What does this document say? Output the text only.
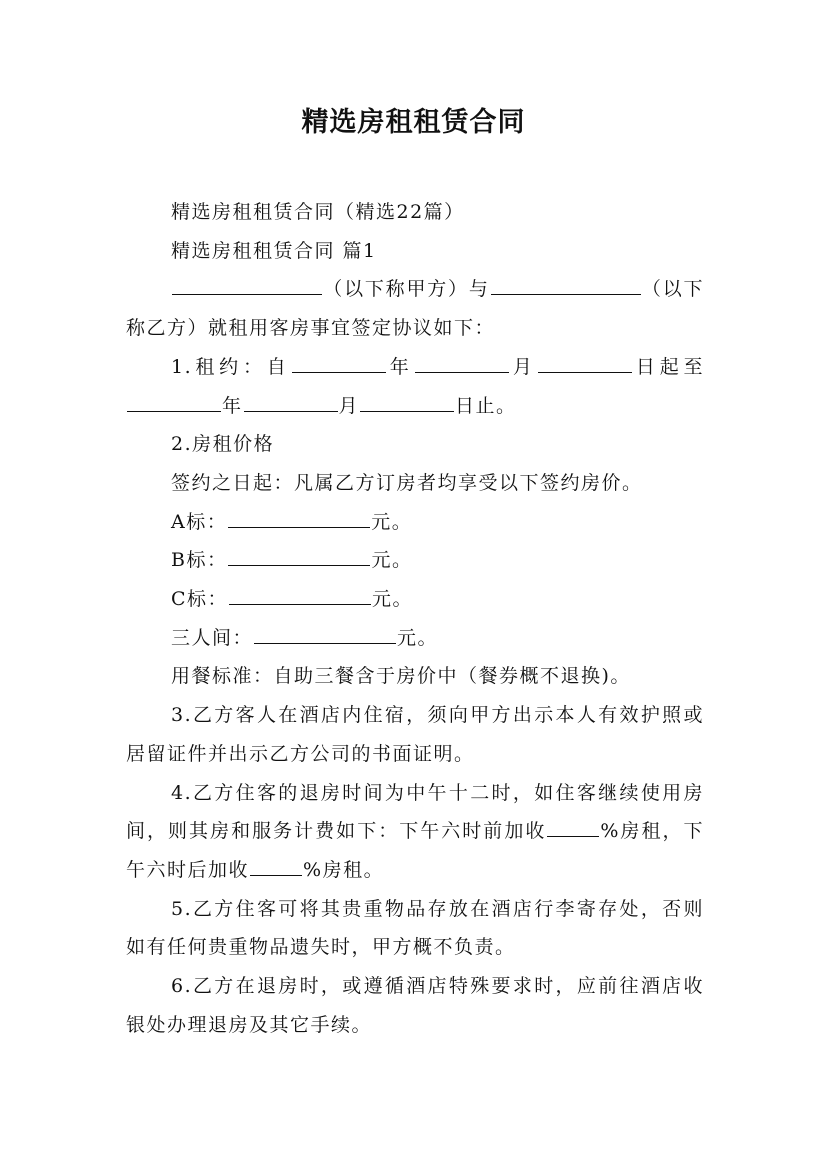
精选房租租赁合同

精选房租租赁合同（精选22篇）

精选房租租赁合同 篇1

（以下称甲方）与	（以下称乙方）就租用客房事宜签定协议如下：

1.租约：自	年	月	日起至年	月	日止。

2.房租价格

签约之日起：凡属乙方订房者均享受以下签约房价。

A标：	元。

B标：	元。

C标：	元。

三人间：	元。

用餐标准：自助三餐含于房价中（餐券概不退换)。

3.乙方客人在酒店内住宿，须向甲方出示本人有效护照或居留证件并出示乙方公司的书面证明。

4.乙方住客的退房时间为中午十二时，如住客继续使用房间，则其房和服务计费如下：下午六时前加收	%房租，下午六时后加收	%房租。

5.乙方住客可将其贵重物品存放在酒店行李寄存处，否则如有任何贵重物品遗失时，甲方概不负责。

6.乙方在退房时，或遵循酒店特殊要求时，应前往酒店收银处办理退房及其它手续。
